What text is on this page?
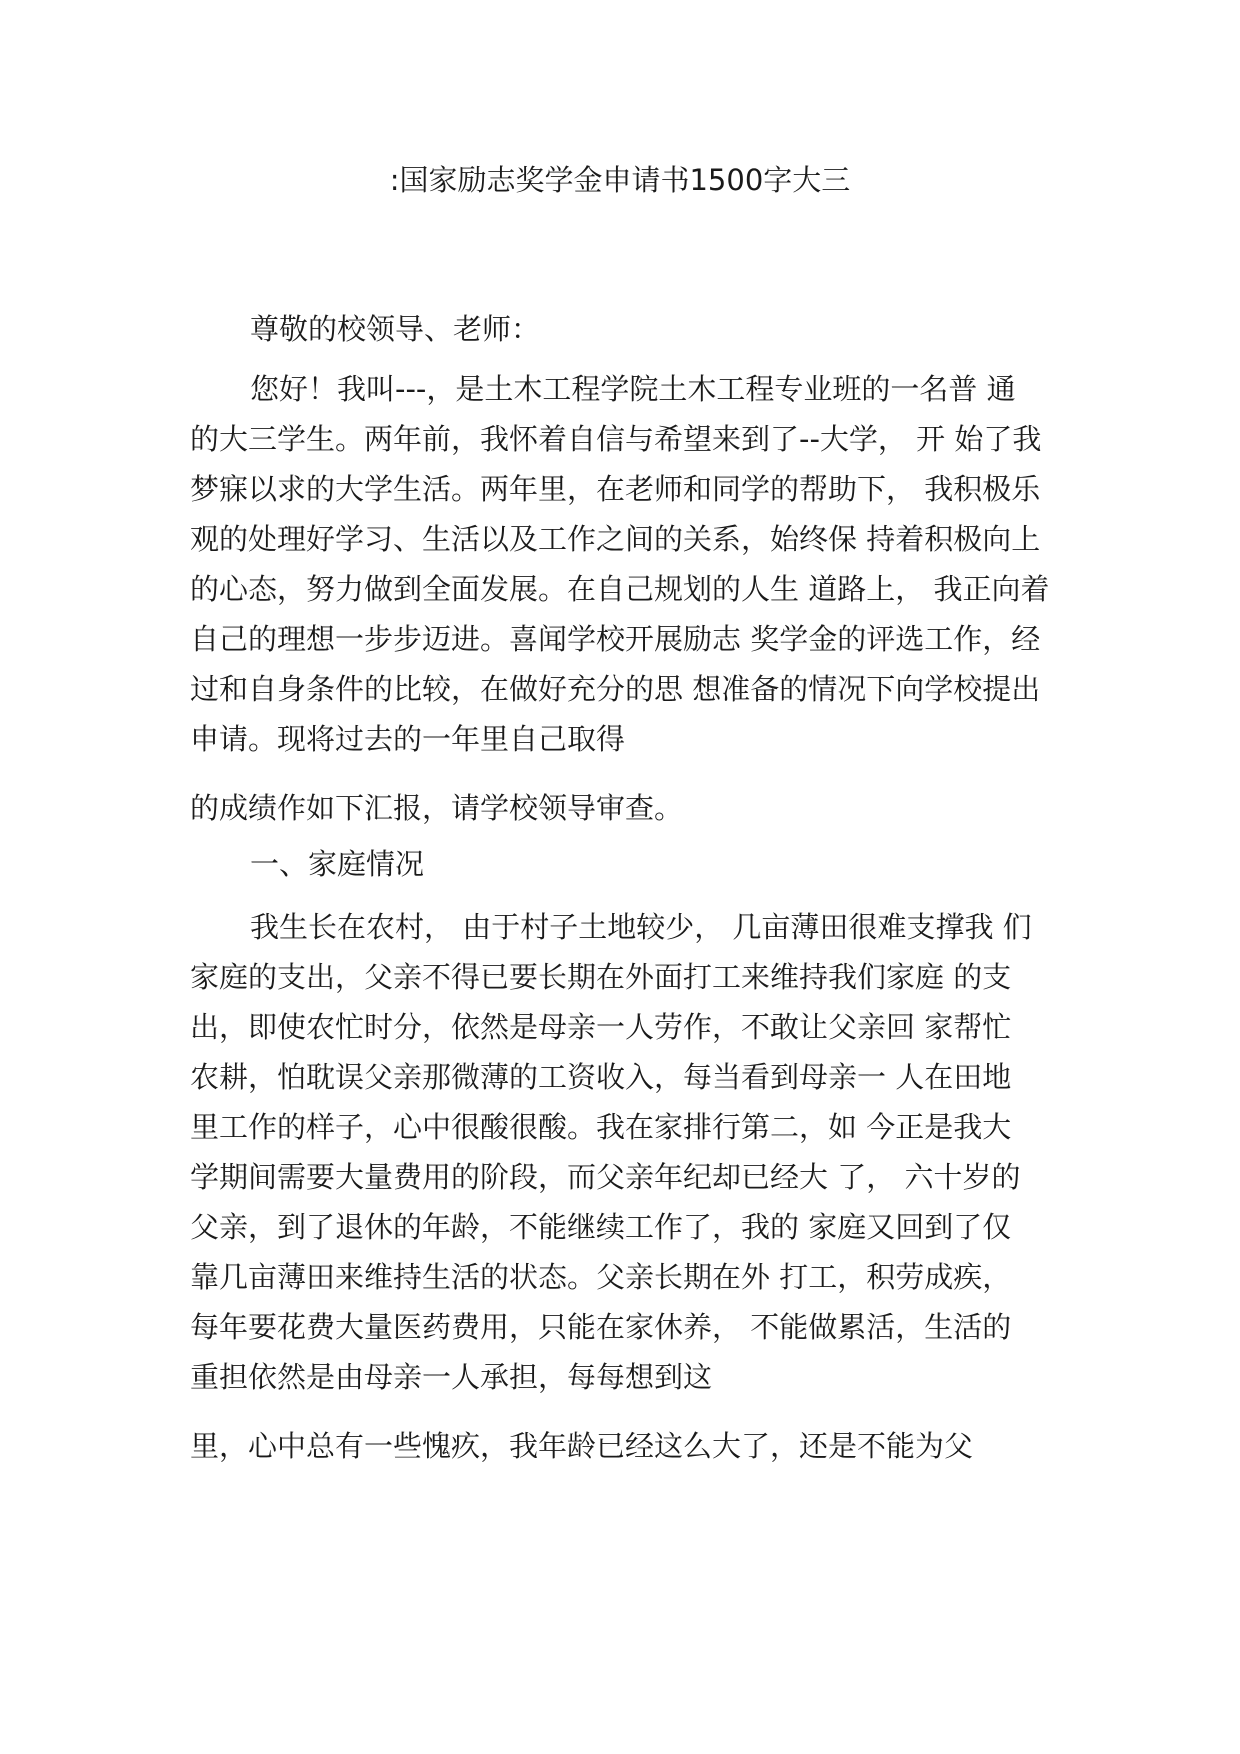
:国家励志奖学金申请书1500字大三
尊敬的校领导、老师：
您好！我叫---，是土木工程学院土木工程专业班的一名普 通
的大三学生。两年前，我怀着自信与希望来到了--大学， 开 始了我
梦寐以求的大学生活。两年里，在老师和同学的帮助下， 我积极乐
观的处理好学习、生活以及工作之间的关系，始终保 持着积极向上
的心态，努力做到全面发展。在自己规划的人生 道路上， 我正向着
自己的理想一步步迈进。喜闻学校开展励志 奖学金的评选工作，经
过和自身条件的比较，在做好充分的思 想准备的情况下向学校提出
申请。现将过去的一年里自己取得
的成绩作如下汇报，请学校领导审查。
一、家庭情况
我生长在农村， 由于村子土地较少， 几亩薄田很难支撑我 们
家庭的支出，父亲不得已要长期在外面打工来维持我们家庭 的支
出，即使农忙时分，依然是母亲一人劳作，不敢让父亲回 家帮忙
农耕，怕耽误父亲那微薄的工资收入，每当看到母亲一 人在田地
里工作的样子，心中很酸很酸。我在家排行第二，如 今正是我大
学期间需要大量费用的阶段，而父亲年纪却已经大 了， 六十岁的
父亲，到了退休的年龄，不能继续工作了，我的 家庭又回到了仅
靠几亩薄田来维持生活的状态。父亲长期在外 打工，积劳成疾，
每年要花费大量医药费用，只能在家休养， 不能做累活，生活的
重担依然是由母亲一人承担，每每想到这
里，心中总有一些愧疚，我年龄已经这么大了，还是不能为父
